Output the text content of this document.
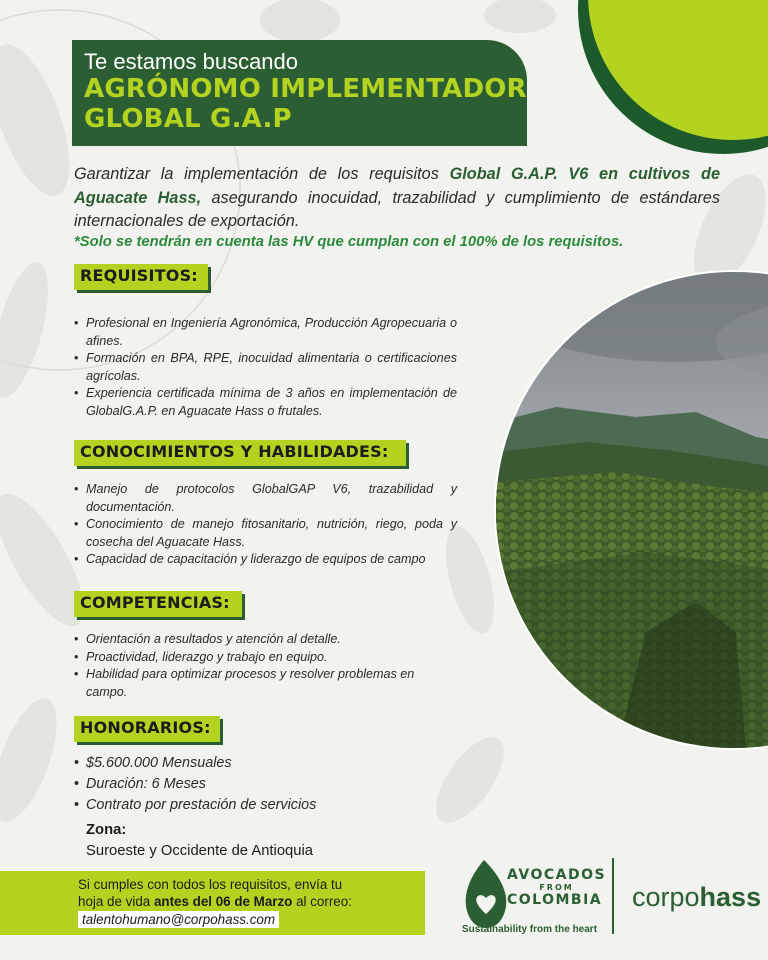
Te estamos buscando
AGRÓNOMO IMPLEMENTADOR
GLOBAL G.A.P

Garantizar la implementación de los requisitos Global G.A.P. V6 en cultivos de Aguacate Hass, asegurando inocuidad, trazabilidad y cumplimiento de estándares internacionales de exportación.

*Solo se tendrán en cuenta las HV que cumplan con el 100% de los requisitos.
REQUISITOS:
• Profesional en Ingeniería Agronómica, Producción Agropecuaria o afines.
• Formación en BPA, RPE, inocuidad alimentaria o certificaciones agrícolas.
• Experiencia certificada mínima de 3 años en implementación de GlobalG.A.P. en Aguacate Hass o frutales.
CONOCIMIENTOS Y HABILIDADES:
• Manejo de protocolos GlobalGAP V6, trazabilidad y documentación.
• Conocimiento de manejo fitosanitario, nutrición, riego, poda y cosecha del Aguacate Hass.
• Capacidad de capacitación y liderazgo de equipos de campo
COMPETENCIAS:
• Orientación a resultados y atención al detalle.
• Proactividad, liderazgo y trabajo en equipo.
• Habilidad para optimizar procesos y resolver problemas en campo.
HONORARIOS:
• $5.600.000 Mensuales
• Duración: 6 Meses
• Contrato por prestación de servicios
Zona:
Suroeste y Occidente de Antioquia
Si cumples con todos los requisitos, envía tu
hoja de vida antes del 06 de Marzo al correo:
talentohumano@corpohass.com
AVOCADOS
FROM
COLOMBIA
Sustainability from the heart
corpohass
